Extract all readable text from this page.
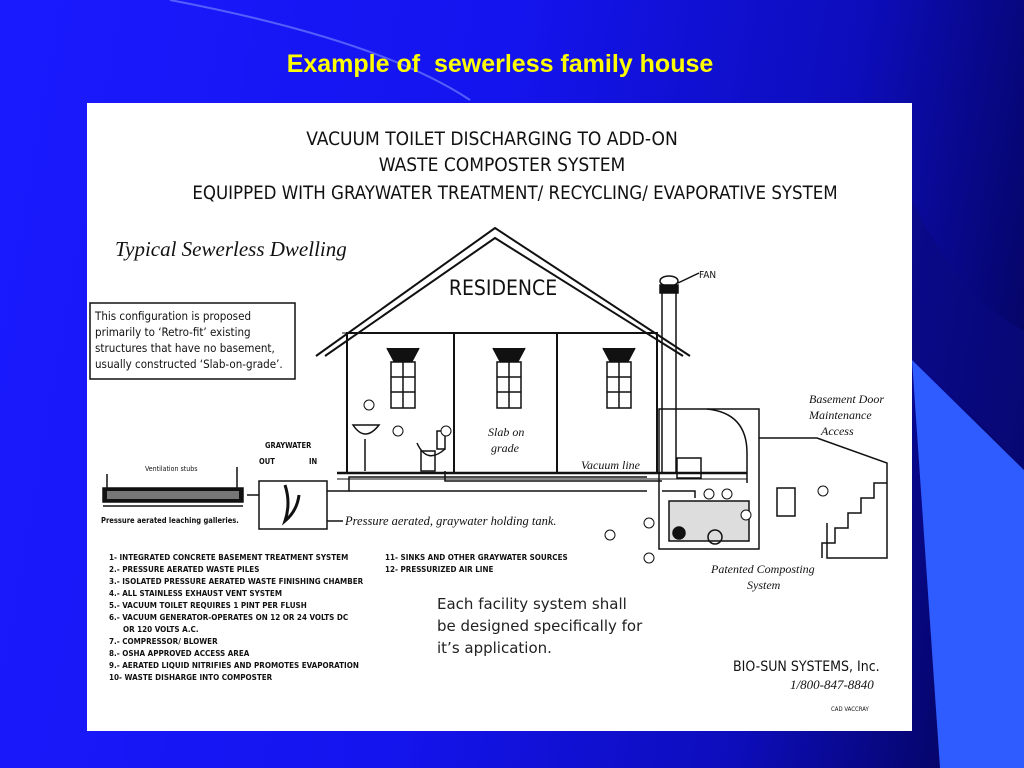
Example of  sewerless family house
VACUUM TOILET DISCHARGING TO ADD-ON
WASTE COMPOSTER SYSTEM
EQUIPPED WITH GRAYWATER TREATMENT/ RECYCLING/ EVAPORATIVE SYSTEM
Typical Sewerless Dwelling
This configuration is proposed
primarily to ‘Retro-fit’ existing
structures that have no basement,
usually constructed ‘Slab-on-grade’.
RESIDENCE
FAN
Basement Door
Maintenance
Access
Ventilation stubs
Pressure aerated leaching galleries.
GRAYWATER
OUT	IN
Pressure aerated, graywater holding tank.
Slab on
grade
Vacuum line
1- INTEGRATED CONCRETE BASEMENT TREATMENT SYSTEM
2.- PRESSURE AERATED WASTE PILES
3.- ISOLATED PRESSURE AERATED WASTE FINISHING CHAMBER
4.- ALL STAINLESS EXHAUST VENT SYSTEM
5.- VACUUM TOILET REQUIRES 1 PINT PER FLUSH
6.- VACUUM GENERATOR-OPERATES ON 12 OR 24 VOLTS DC
OR 120 VOLTS A.C.
7.- COMPRESSOR/ BLOWER
8.- OSHA APPROVED ACCESS AREA
9.- AERATED LIQUID NITRIFIES AND PROMOTES EVAPORATION
10- WASTE DISHARGE INTO COMPOSTER
11- SINKS AND OTHER GRAYWATER SOURCES
12- PRESSURIZED AIR LINE	Patented Composting
System
Each facility system shall
be designed specifically for
it’s application.
BIO-SUN SYSTEMS, Inc.
1/800-847-8840
CAD VACCRAY
